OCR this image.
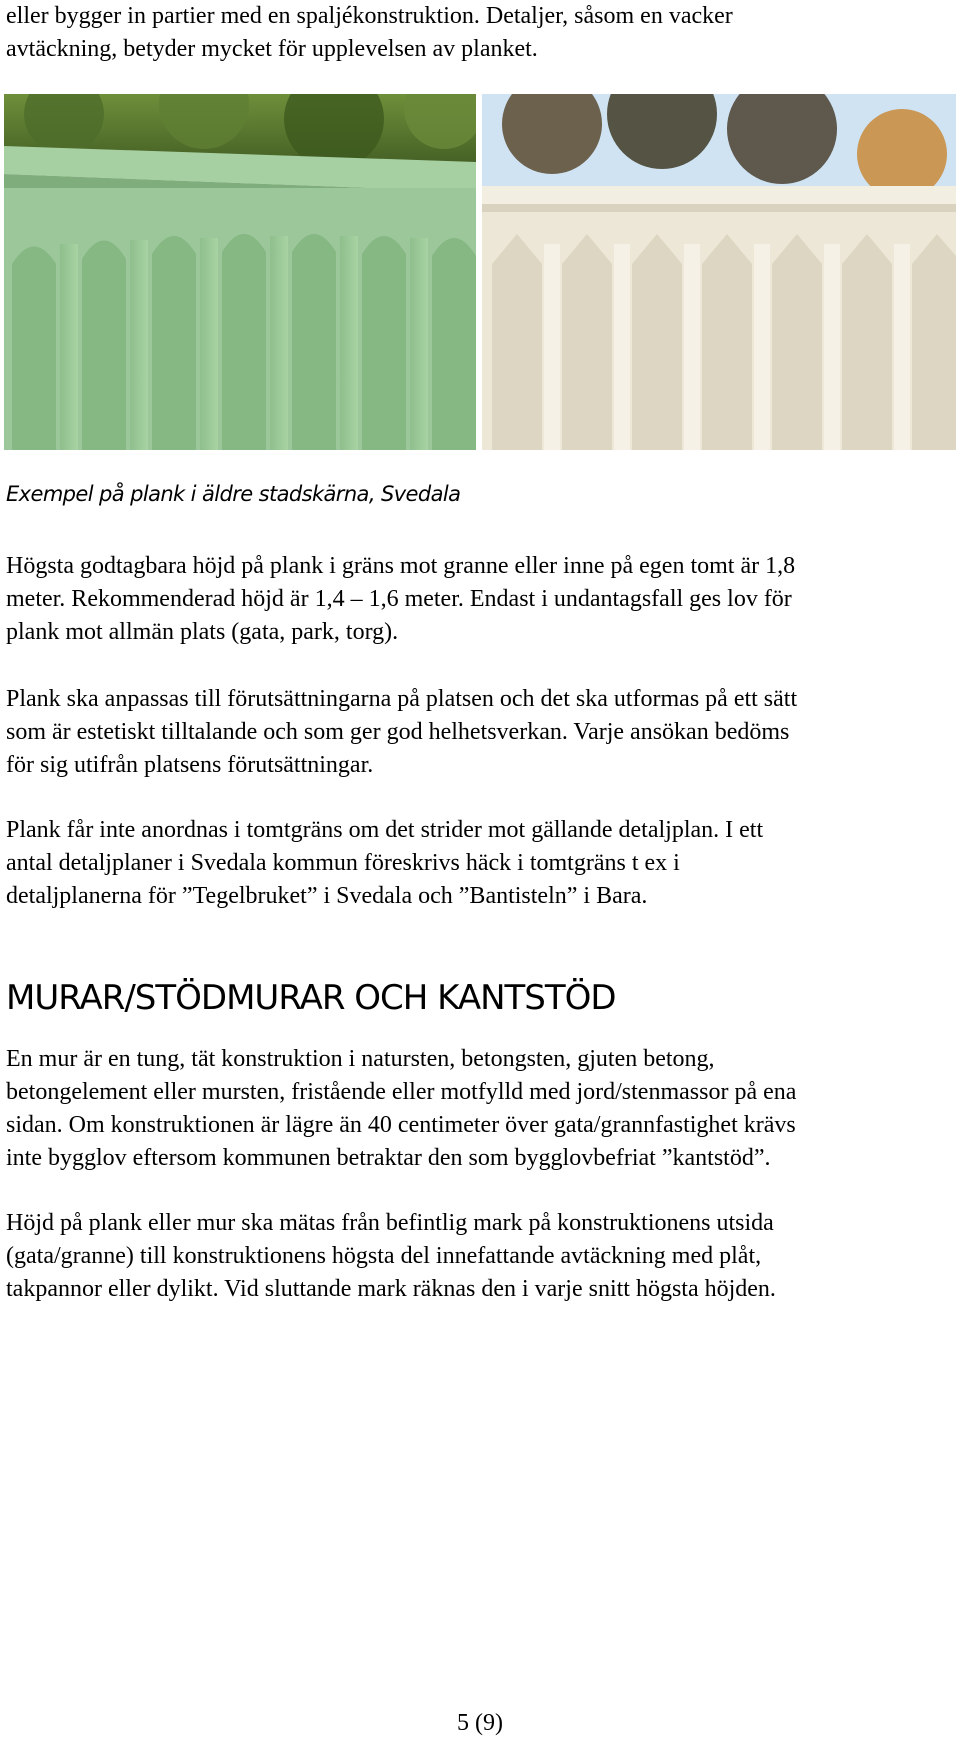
eller bygger in partier med en spaljékonstruktion. Detaljer, såsom en vacker
avtäckning, betyder mycket för upplevelsen av planket.

Exempel på plank i äldre stadskärna, Svedala

Högsta godtagbara höjd på plank i gräns mot granne eller inne på egen tomt är 1,8
meter. Rekommenderad höjd är 1,4 – 1,6 meter. Endast i undantagsfall ges lov för
plank mot allmän plats (gata, park, torg).

Plank ska anpassas till förutsättningarna på platsen och det ska utformas på ett sätt
som är estetiskt tilltalande och som ger god helhetsverkan. Varje ansökan bedöms
för sig utifrån platsens förutsättningar.

Plank får inte anordnas i tomtgräns om det strider mot gällande detaljplan. I ett
antal detaljplaner i Svedala kommun föreskrivs häck i tomtgräns t ex i
detaljplanerna för ”Tegelbruket” i Svedala och ”Bantisteln” i Bara.

MURAR/STÖDMURAR OCH KANTSTÖD

En mur är en tung, tät konstruktion i natursten, betongsten, gjuten betong,
betongelement eller mursten, fristående eller motfylld med jord/stenmassor på ena
sidan. Om konstruktionen är lägre än 40 centimeter över gata/grannfastighet krävs
inte bygglov eftersom kommunen betraktar den som bygglovbefriat ”kantstöd”.

Höjd på plank eller mur ska mätas från befintlig mark på konstruktionens utsida
(gata/granne) till konstruktionens högsta del innefattande avtäckning med plåt,
takpannor eller dylikt. Vid sluttande mark räknas den i varje snitt högsta höjden.

5 (9)
